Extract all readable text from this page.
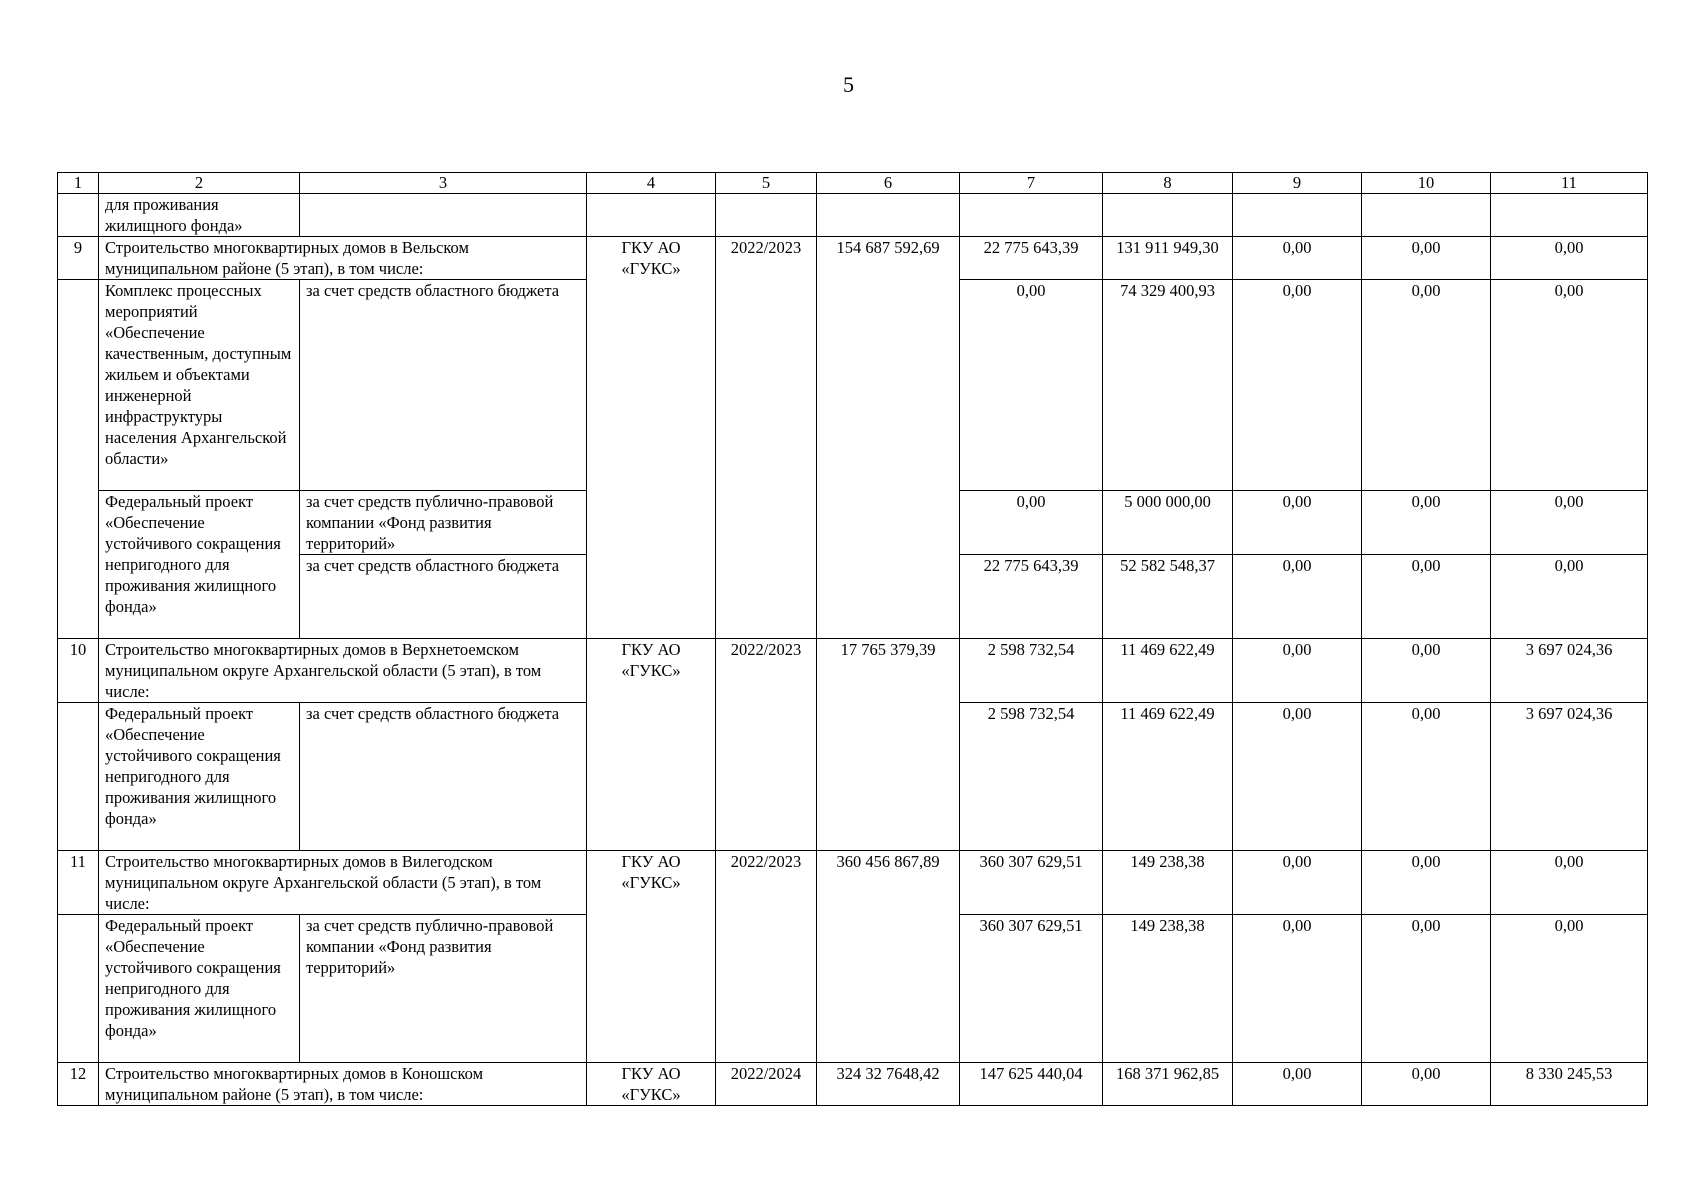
5
1	2	3	4	5	6	7	8	9	10	11
	для проживания жилищного фонда»									
9	Строительство многоквартирных домов в Вельском муниципальном районе (5 этап), в том числе:		ГКУ АО «ГУКС»	2022/2023	154 687 592,69	22 775 643,39	131 911 949,30	0,00	0,00	0,00
	Комплекс процессных мероприятий «Обеспечение качественным, доступным жильем и объектами инженерной инфраструктуры населения Архангельской области»	за счет средств областного бюджета				0,00	74 329 400,93	0,00	0,00	0,00
	Федеральный проект «Обеспечение устойчивого сокращения непригодного для проживания жилищного фонда»	за счет средств публично-правовой компании «Фонд развития территорий»				0,00	5 000 000,00	0,00	0,00	0,00
		за счет средств областного бюджета				22 775 643,39	52 582 548,37	0,00	0,00	0,00
10	Строительство многоквартирных домов в Верхнетоемском муниципальном округе Архангельской области (5 этап), в том числе:		ГКУ АО «ГУКС»	2022/2023	17 765 379,39	2 598 732,54	11 469 622,49	0,00	0,00	3 697 024,36
	Федеральный проект «Обеспечение устойчивого сокращения непригодного для проживания жилищного фонда»	за счет средств областного бюджета				2 598 732,54	11 469 622,49	0,00	0,00	3 697 024,36
11	Строительство многоквартирных домов в Вилегодском муниципальном округе Архангельской области (5 этап), в том числе:		ГКУ АО «ГУКС»	2022/2023	360 456 867,89	360 307 629,51	149 238,38	0,00	0,00	0,00
	Федеральный проект «Обеспечение устойчивого сокращения непригодного для проживания жилищного фонда»	за счет средств публично-правовой компании «Фонд развития территорий»				360 307 629,51	149 238,38	0,00	0,00	0,00
12	Строительство многоквартирных домов в Коношском муниципальном районе (5 этап), в том числе:		ГКУ АО «ГУКС»	2022/2024	324 32 7648,42	147 625 440,04	168 371 962,85	0,00	0,00	8 330 245,53
